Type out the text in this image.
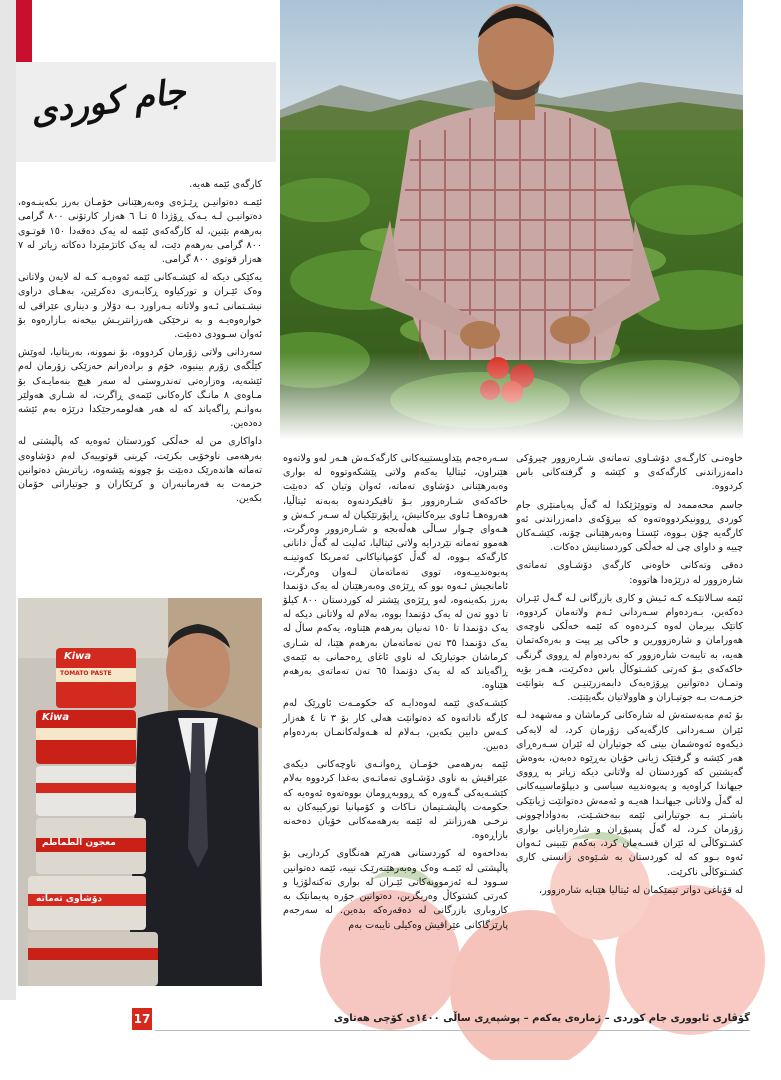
جام کوردی
Kiwa
Kiwa
TOMATO PASTE
معجون الطماطم
دۆشاوی تەماتە

کارگەی ئێمە هەیە.

ئێمـە دەتوانیـن ڕێـژەی وەبەرهێنانی خۆمـان بەرز بکەینـەوە، دەتوانیـن لـە یـەک ڕۆژدا ٥ تـا ٦ هەزار کارتۆنی ٨٠٠ گرامی بەرهەم بێنین، لە کارگەکەی ئێمە لە یەک دەقەدا ١٥٠ قوتـوی ٨٠٠ گرامی بەرهەم دێت، لە یەک کاتژمێردا دەکاتە زیاتر لە ٧ هەزار قوتوی ٨٠٠ گرامی.

یەکێکی دیکە لە کێشـەکانی ئێمە ئەوەیـە کـە لە لایەن ولاتانی وەک ئێـران و تورکیاوە ڕکابـەری دەکرێین، بەهـای دراوی نیشـتمانی ئـەو ولاتانە بـەراورد بـە دۆلار و دیناری عێراقی لە خوارەوەیـە و بە نرخێکی هەرزانتریـش بیخەنە بـازارەوە بۆ ئەوان سـوودی دەبێت.

سەردانی ولاتی زۆرمان کردووە، بۆ نموونە، بەریتانیا، لەوێش کێڵگەی زۆرم بینیوە، خۆم و برادەرانم حەزێکی زۆرمان لەم ئێشەیە، وەزارەتی تەندروستی لە سەر هیچ بنەمایـەک بۆ مـاوەی ٨ مانـگ کارەکانی ئێمەی ڕاگرت، لە شـاری هەولێر بەوانـم ڕاگەیاند کە لە هەر هەلومەرجێکدا درێژە بەم ئێشە دەدەین.

داواکاری من لە خەڵکی کوردستان ئەوەیە کە پاڵپشتی لە بەرهەمی ناوخۆیی بکرێت، کڕینی قوتوییەک لەم دۆشاوەی تەماتە هاندەرێک دەبێت بۆ چوونە پێشەوە، زیاتریش دەتوانین خزمەت بە فەرمانبەران و کرێکاران و جوتیارانی خۆمان بکەین.

سـەرەجەم پێداویستییەکانی کارگەکـەش هـەر لەو ولاتەوە هێنراون، ئیتالیا یەکەم ولاتی پێشکەوتووە لە بواری وەبەرهێنانی دۆشاوی تەماتە، ئەوان وتیان کە دەبێت خاکەکەی شـارەزوور بـۆ تاقیکردنەوە بەبەنە ئیتاڵیا، هەروەهـا ئـاوی بیرەکانیش، ڕاپۆرتێکیان لە سـەر کـەش و هـەوای چـوار سـاڵی هەڵەبجە و شـارەزوور وەرگرت، هەموو تەماتە نێردرایە ولاتی ئیتالیا، ئەلیت لە گەڵ دانانی کارگەکە بـووە، لە گەڵ کۆمپانیاکانی ئەمریکا کەوتینـە پەیوەندییـەوە، تووی تەماتەمان لـەوان وەرگرت، ئامانجیش ئـەوە بوو کە ڕێژەی وەبەرهێنان لە یەک دۆنمدا بەرز بکەینەوە، لەو ڕێژەی پێشتر لە کوردستان ٨٠٠ کیلۆ تا دوو تەن لە یەک دۆنمدا بووە، بەلام لە ولاتانی دیکە لە یەک دۆنمدا تا ١٥٠ تەنیان بەرهەم هێناوە، یەکەم ساڵ لە یەک دۆنمدا ٣٥ تەن تەماتەمان بەرهەم هێنا، لە شـاری کرماشان جوتیارێک لە ناوی ئاغای ڕەحمانی بە ئێمەی ڕاگەیاند کە لە یەک دۆنمدا ٦٥ تەن تەماتەی بەرهەم هێناوە.

کێشـەکەی ئێمە لەوەدایـە کە حکومـەت ئاوڕێک لەم کارگە ناداتەوە کە دەتوانێت هەلی کار بۆ ٣ تا ٤ هەزار کـەس دابین بکەین، بـەلام لە هـەولەکانمـان بەردەوام دەبین.

ئێمە بەرهەمی خۆمـان ڕەوانـەی ناوچەکانی دیکەی عێراقیش بە ناوی دۆشـاوی تەماتـەی بەغدا کردووە بەلام کێشـەیەکی گـەورە کە ڕووبەڕومان بووەتەوە ئەوەیە کە حکومەت پاڵپشـتیمان نـاکات و کۆمپانیا تورکییەکان بە نرخـی هەرزانتر لە ئێمە بەرهەمەکانی خۆیان دەخەنە بازاڕەوە.

بەداخەوە لە کوردستانی هەرێم هەنگاوی کرداریی بۆ پاڵپشتی لە ئێمـە وەک وەبەرهێنەرێـک نییە، ئێمە دەتوانین سـوود لـە ئەزموونەکانی ئێـران لە بواری تەکنەلۆژیا و کەرتی کشتوکاڵ وەربگرین، دەتوانین جۆرە پەیمانێک بە کاروباری بازرگانی لە دەقەرەکە بدەین. لە سەرجەم پارێزگاکانی عێراقیش وەکیلی تایبەت بەم

خاوەنـی کارگـەی دۆشـاوی تەماتەی شـارەزوور چیرۆکی دامەزراندنی کارگەکەی و کێشە و گرفتەکانی باس کردووە.

جاسم محەممەد لە وتووێژێکدا لە گەڵ پەیامنێری جام کوردی ڕوونیکردووەتەوە کە بیرۆکەی دامەزراندنی ئەو کارگەیە چۆن بـووە، ئێستـا وەبەرهێنانی چۆنە، کێشـەکان چییە و داوای چی لە خەڵکی کوردستانیش دەکات.

دەقی وتەکانی خاوەنی کارگەی دۆشـاوی تەماتەی شارەزوور لە درێژەدا هاتووە:

ئێمە سـالانێکـە کـە ئـیش و کاری بازرگانی لـە گـەل ئێـران دەکەین، بـەردەوام سـەردانی ئـەم ولاتەمان کردووە، کاتێک بیرمان لەوە کـردەوە کە ئێمە خەڵکی ناوچەی هەورامان و شارەزوورین و خاکی پڕ پیت و بەرەکەتمان هەیە، بە تایبەت شارەزوور کە بەردەوام لە ڕووی گرنگی خاکەکەی بـۆ کەرتی کشـتوکاڵ باس دەکرێت، هـەر بۆیە وتمـان دەتوانین پڕۆژەیەک دابمەزرێنیـن کـە بتوانێت خزمـەت بـە جوتیـاران و هاوولاتیان بگەیێنێت.

بۆ ئەم مەبەستەش لە شارەکانی کرماشان و مەشهەد لـە ئێران سـەردانی کارگەیەکی زۆرمان کرد، لە لایەکی دیکەوە ئەوەشمان بینی کە جوتیاران لە ئێران سـەرەڕای هەر کێشە و گرفتێک ژیانی خۆیان بەڕێوە دەبەن، بەوەش گەیشتین کە کوردستان لە ولاتانی دیکە زیاتر بە ڕووی جیهاندا کراوەیە و پەیوەندییە سیاسی و دیپلۆماسییەکانی لە گەڵ ولاتانی جیهانـدا هەیـە و ئەمەش دەتوانێت ژیانێکی باشـتر بـە جوتیارانی ئێمە ببەخشـێت، بەدواداچوونی زۆرمان کـرد، لە گەڵ پسپۆڕان و شارەزایانی بواری کشـتوکاڵی لە ئێران قسـەمان کرد، بەکەم تێبینی ئـەوان ئەوە بـوو کە لە کوردستان بە شـێوەی زانستی کاری کشـتوکاڵی ناکرێت.

لە قۆناغی دواتر تیمێکمان لە ئیتالیا هێنایە شارەزوور،

17	گۆڤاری ئابووری جام کوردی – ژمارەی یەکەم – پوشپەڕی ساڵی ١٤٠٠ی کۆچی هەتاوی
